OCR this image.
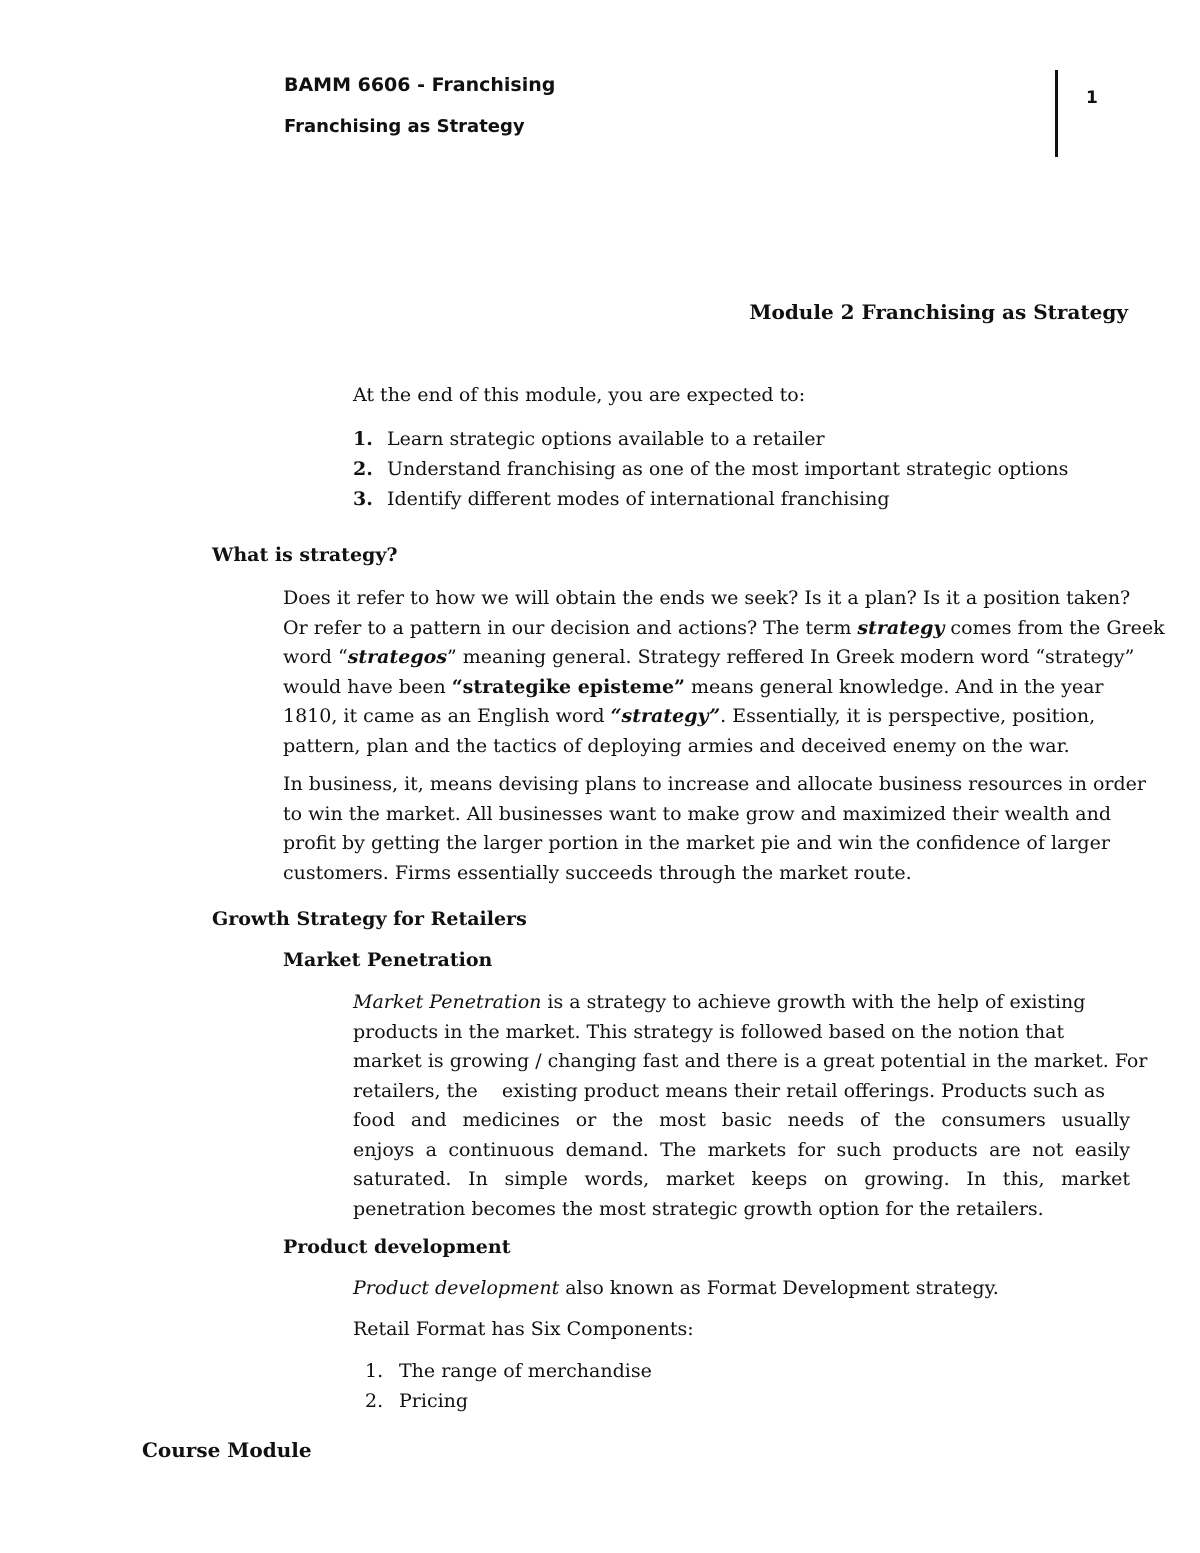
BAMM 6606 - Franchising
Franchising as Strategy
1
Module 2 Franchising as Strategy
At the end of this module, you are expected to:
1. Learn strategic options available to a retailer
2. Understand franchising as one of the most important strategic options
3. Identify different modes of international franchising
What is strategy?
Does it refer to how we will obtain the ends we seek? Is it a plan? Is it a position taken?
Or refer to a pattern in our decision and actions? The term strategy comes from the Greek
word “strategos” meaning general. Strategy reffered In Greek modern word “strategy”
would have been “strategike episteme” means general knowledge. And in the year
1810, it came as an English word “strategy”. Essentially, it is perspective, position,
pattern, plan and the tactics of deploying armies and deceived enemy on the war.
In business, it, means devising plans to increase and allocate business resources in order
to win the market. All businesses want to make grow and maximized their wealth and
profit by getting the larger portion in the market pie and win the confidence of larger
customers. Firms essentially succeeds through the market route.
Growth Strategy for Retailers
Market Penetration
Market Penetration is a strategy to achieve growth with the help of existing
products in the market. This strategy is followed based on the notion that
market is growing / changing fast and there is a great potential in the market. For
retailers, the    existing product means their retail offerings. Products such as
food and medicines or the most basic needs of the consumers usually
enjoys a continuous demand. The markets for such products are not easily
saturated. In simple words, market keeps on growing. In this, market
penetration becomes the most strategic growth option for the retailers.
Product development
Product development also known as Format Development strategy.
Retail Format has Six Components:
1. The range of merchandise
2. Pricing
Course Module
